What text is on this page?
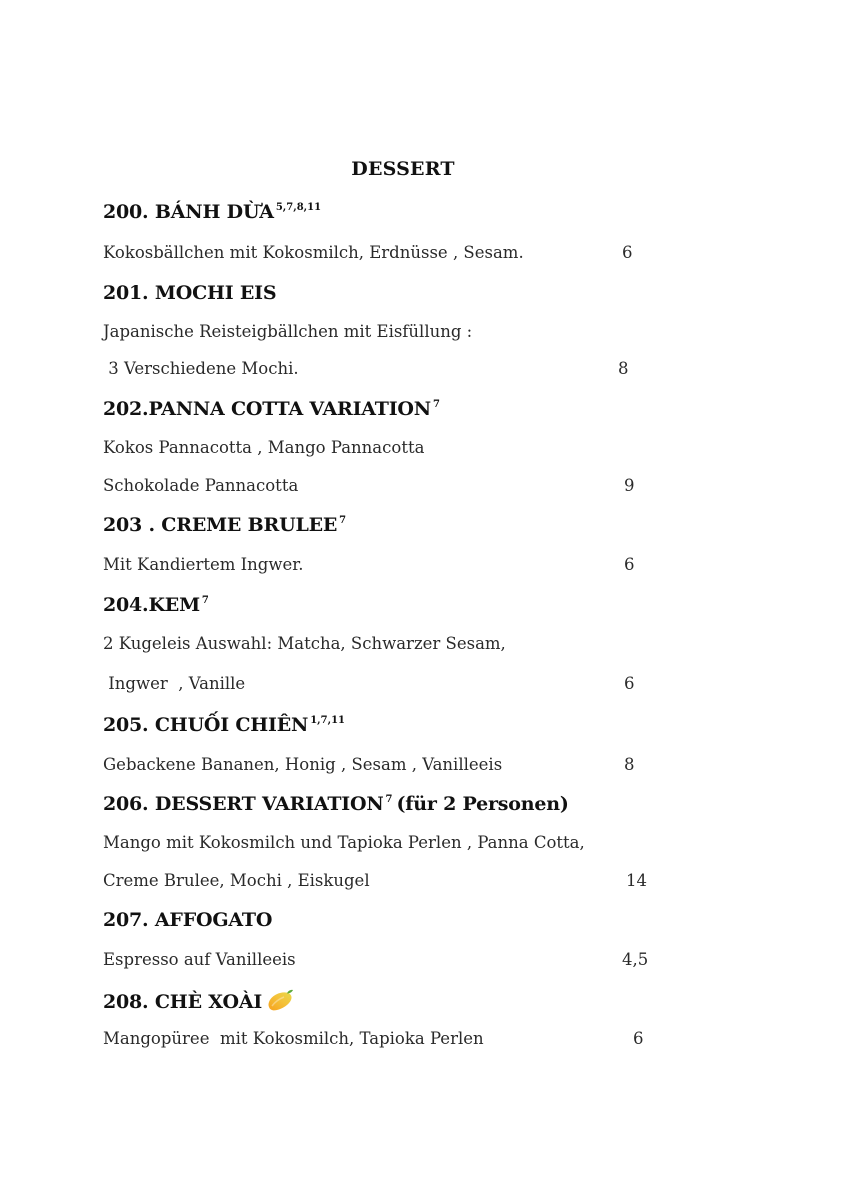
DESSERT
200. BÁNH DỪA $^{5,7,8,11}$
Kokosbällchen mit Kokosmilch, Erdnüsse , Sesam.	6
201. MOCHI EIS
Japanische Reisteigbällchen mit Eisfüllung :
3 Verschiedene Mochi.	8
202.PANNA COTTA VARIATION $^7$
Kokos Pannacotta , Mango Pannacotta
Schokolade Pannacotta	9
203 . CREME BRULEE $^7$
Mit Kandiertem Ingwer.	6
204.KEM $^7$
2 Kugeleis Auswahl: Matcha, Schwarzer Sesam,
Ingwer  , Vanille	6
205. CHUỐI CHIÊN $^{1,7,11}$
Gebackene Bananen, Honig , Sesam , Vanilleeis	8
206. DESSERT VARIATION $^7$ (für 2 Personen)
Mango mit Kokosmilch und Tapioka Perlen , Panna Cotta,
Creme Brulee, Mochi , Eiskugel	14
207. AFFOGATO
Espresso auf Vanilleeis	4,5
208. CHÈ XOÀI
Mangopüree  mit Kokosmilch, Tapioka Perlen	6
